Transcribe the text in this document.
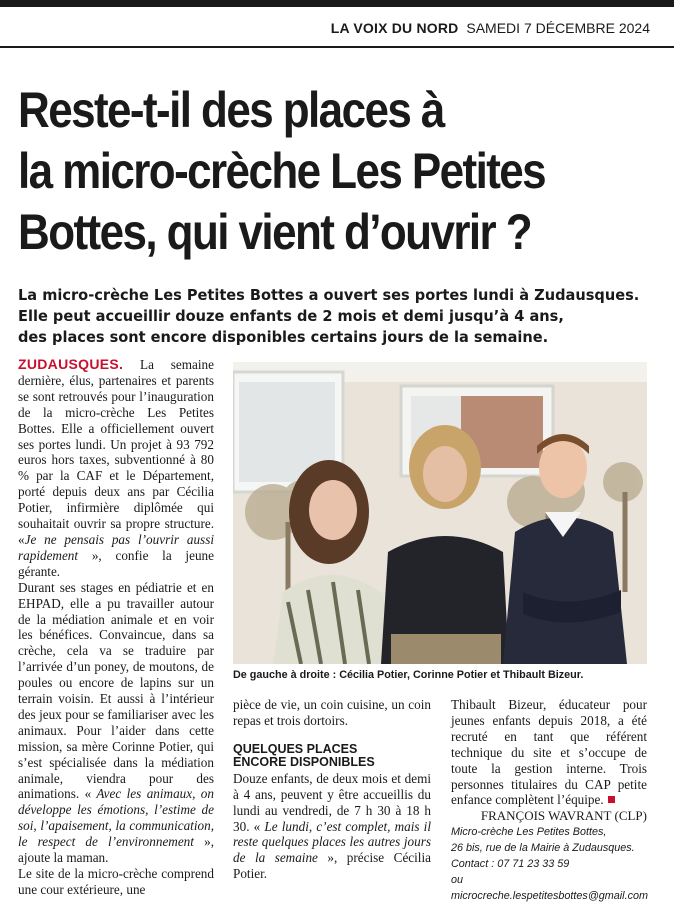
LA VOIX DU NORD SAMEDI 7 DÉCEMBRE 2024
Reste-t-il des places à
la micro-crèche Les Petites
Bottes, qui vient d’ouvrir ?
La micro-crèche Les Petites Bottes a ouvert ses portes lundi à Zudausques.
Elle peut accueillir douze enfants de 2 mois et demi jusqu’à 4 ans,
des places sont encore disponibles certains jours de la semaine.

ZUDAUSQUES. La semaine dernière, élus, partenaires et parents se sont retrouvés pour l’inauguration de la micro-crèche Les Petites Bottes. Elle a officiellement ouvert ses portes lundi. Un projet à 93 792 euros hors taxes, subventionné à 80 % par la CAF et le Département, porté depuis deux ans par Cécilia Potier, infirmière diplômée qui souhaitait ouvrir sa propre structure. «Je ne pensais pas l’ouvrir aussi rapidement », confie la jeune gérante.

Durant ses stages en pédiatrie et en EHPAD, elle a pu travailler autour de la médiation animale et en voir les bénéfices. Convaincue, dans sa crèche, cela va se traduire par l’arrivée d’un poney, de moutons, de poules ou encore de lapins sur un terrain voisin. Et aussi à l’intérieur des jeux pour se familiariser avec les animaux. Pour l’aider dans cette mission, sa mère Corinne Potier, qui s’est spécialisée dans la médiation animale, viendra pour des animations. « Avec les animaux, on développe les émotions, l’estime de soi, l’apaisement, la communication, le respect de l’environnement », ajoute la maman.

Le site de la micro-crèche comprend une cour extérieure, une

De gauche à droite : Cécilia Potier, Corinne Potier et Thibault Bizeur.

pièce de vie, un coin cuisine, un coin repas et trois dortoirs.

QUELQUES PLACES
ENCORE DISPONIBLES

Douze enfants, de deux mois et demi à 4 ans, peuvent y être accueillis du lundi au vendredi, de 7 h 30 à 18 h 30. « Le lundi, c’est complet, mais il reste quelques places les autres jours de la semaine », précise Cécilia Potier.

Thibault Bizeur, éducateur pour jeunes enfants depuis 2018, a été recruté en tant que référent technique du site et s’occupe de toute la gestion interne. Trois personnes titulaires du CAP petite enfance complètent l’équipe.

FRANÇOIS WAVRANT (CLP)

Micro-crèche Les Petites Bottes,
26 bis, rue de la Mairie à Zudausques.
Contact : 07 71 23 33 59
ou microcreche.lespetitesbottes@gmail.com
